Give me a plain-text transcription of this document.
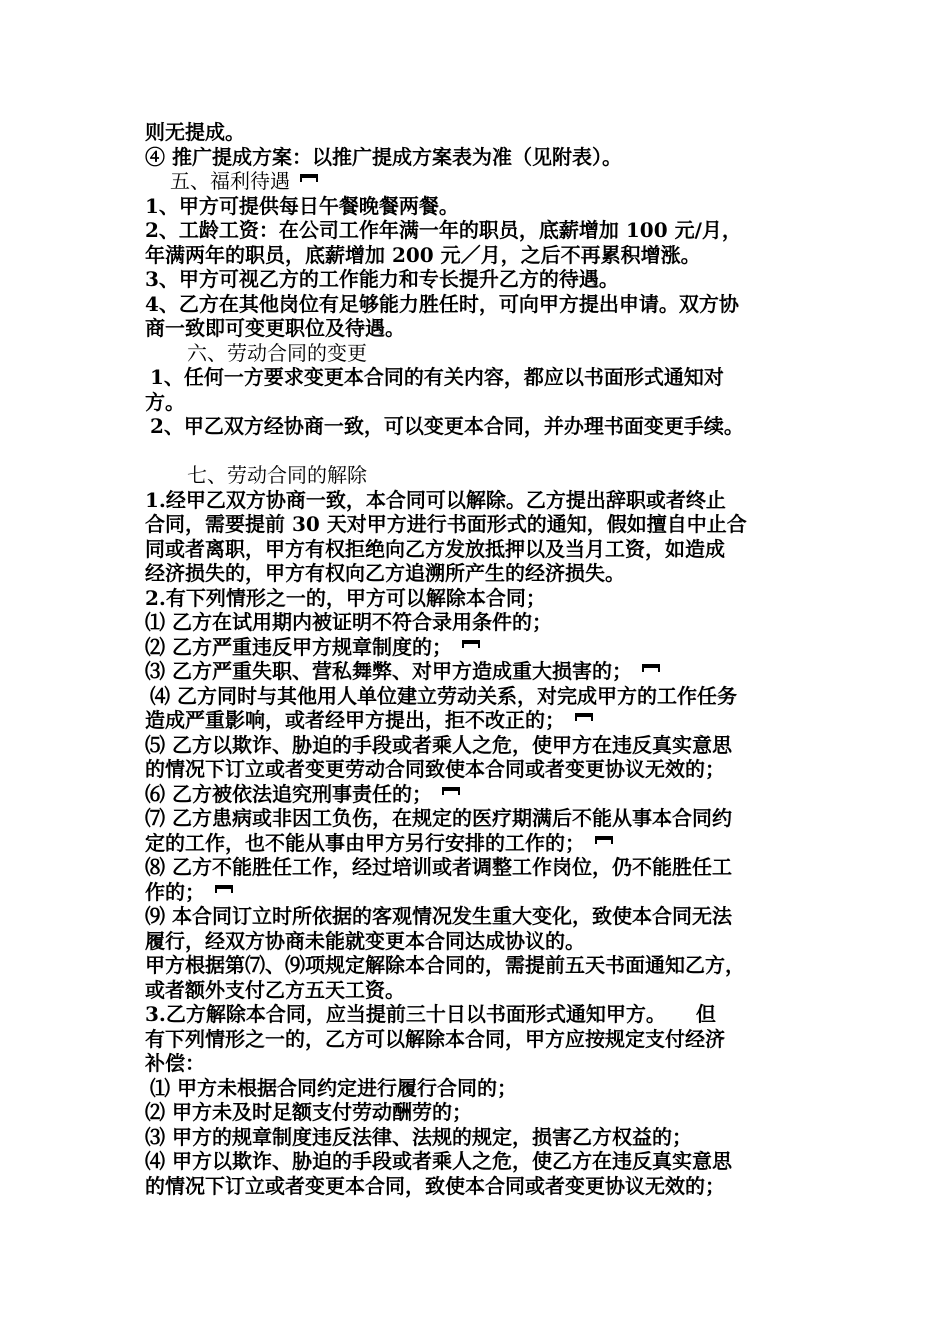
则无提成。
④ 推广提成方案：以推广提成方案表为准（见附表）。
五、福利待遇
1、甲方可提供每日午餐晚餐两餐。
2、工龄工资：在公司工作年满一年的职员，底薪增加 100 元/月，
年满两年的职员，底薪增加 200 元／月，之后不再累积增涨。
3、甲方可视乙方的工作能力和专长提升乙方的待遇。
4、乙方在其他岗位有足够能力胜任时，可向甲方提出申请。双方协
商一致即可变更职位及待遇。
六、劳动合同的变更
1、任何一方要求变更本合同的有关内容，都应以书面形式通知对
方。
2、甲乙双方经协商一致，可以变更本合同，并办理书面变更手续。
七、劳动合同的解除
1.经甲乙双方协商一致，本合同可以解除。乙方提出辞职或者终止
合同，需要提前 30 天对甲方进行书面形式的通知，假如擅自中止合
同或者离职，甲方有权拒绝向乙方发放抵押以及当月工资，如造成
经济损失的，甲方有权向乙方追溯所产生的经济损失。
2.有下列情形之一的，甲方可以解除本合同；
⑴ 乙方在试用期内被证明不符合录用条件的；
⑵ 乙方严重违反甲方规章制度的；
⑶ 乙方严重失职、营私舞弊、对甲方造成重大损害的；
⑷ 乙方同时与其他用人单位建立劳动关系，对完成甲方的工作任务
造成严重影响，或者经甲方提出，拒不改正的；
⑸ 乙方以欺诈、胁迫的手段或者乘人之危，使甲方在违反真实意思
的情况下订立或者变更劳动合同致使本合同或者变更协议无效的；
⑹ 乙方被依法追究刑事责任的；
⑺ 乙方患病或非因工负伤，在规定的医疗期满后不能从事本合同约
定的工作，也不能从事由甲方另行安排的工作的；
⑻ 乙方不能胜任工作，经过培训或者调整工作岗位，仍不能胜任工
作的；
⑼ 本合同订立时所依据的客观情况发生重大变化，致使本合同无法
履行，经双方协商未能就变更本合同达成协议的。
甲方根据第⑺、⑼项规定解除本合同的，需提前五天书面通知乙方，
或者额外支付乙方五天工资。
3.乙方解除本合同，应当提前三十日以书面形式通知甲方。　　但
有下列情形之一的，乙方可以解除本合同，甲方应按规定支付经济
补偿：
⑴ 甲方未根据合同约定进行履行合同的；
⑵ 甲方未及时足额支付劳动酬劳的；
⑶ 甲方的规章制度违反法律、法规的规定，损害乙方权益的；
⑷ 甲方以欺诈、胁迫的手段或者乘人之危，使乙方在违反真实意思
的情况下订立或者变更本合同，致使本合同或者变更协议无效的；
